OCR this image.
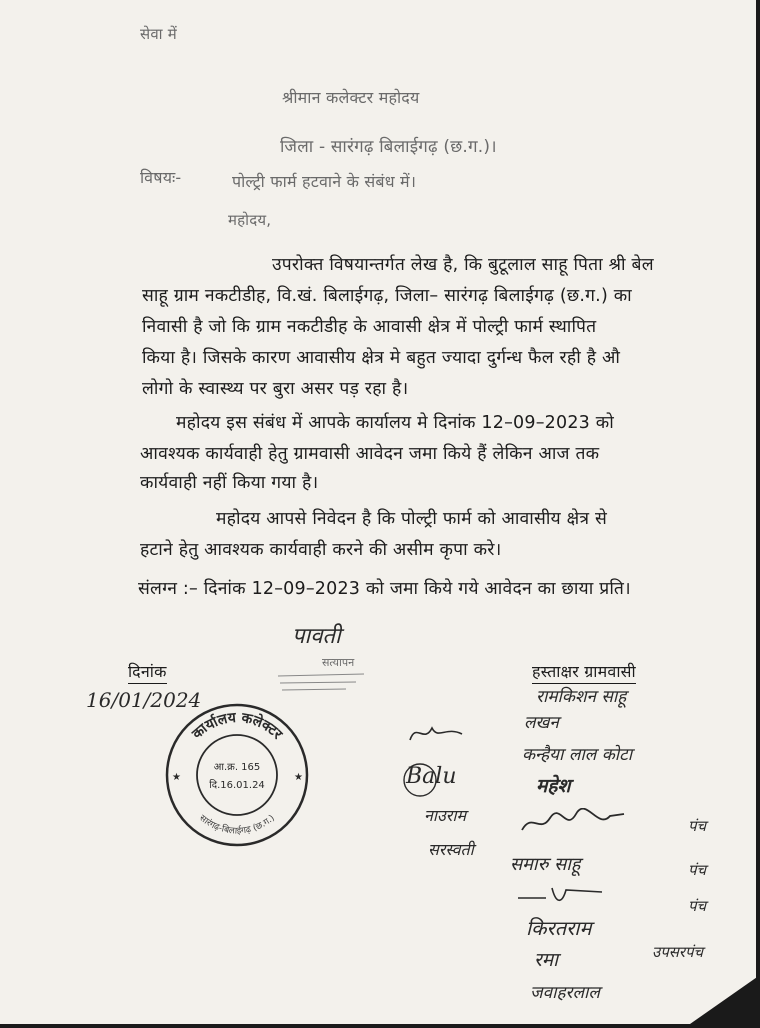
सेवा में
श्रीमान कलेक्टर महोदय
जिला - सारंगढ़ बिलाईगढ़ (छ.ग.)।
विषयः-	पोल्ट्री फार्म हटवाने के संबंध में।
महोदय,
उपरोक्त विषयान्तर्गत लेख है, कि बुटूलाल साहू पिता श्री बेल
साहू ग्राम नकटीडीह, वि.खं. बिलाईगढ़, जिला– सारंगढ़ बिलाईगढ़ (छ.ग.) का
निवासी है जो कि ग्राम नकटीडीह के आवासी क्षेत्र में पोल्ट्री फार्म स्थापित
किया है। जिसके कारण आवासीय क्षेत्र मे बहुत ज्यादा दुर्गन्ध फैल रही है औ
लोगो के स्वास्थ्य पर बुरा असर पड़ रहा है।
महोदय इस संबंध में आपके कार्यालय मे दिनांक 12–09–2023 को
आवश्यक कार्यवाही हेतु ग्रामवासी आवेदन जमा किये हैं लेकिन आज तक
कार्यवाही नहीं किया गया है।
महोदय आपसे निवेदन है कि पोल्ट्री फार्म को आवासीय क्षेत्र से
हटाने हेतु आवश्यक कार्यवाही करने की असीम कृपा करे।
संलग्न :– दिनांक 12–09–2023 को जमा किये गये आवेदन का छाया प्रति।
दिनांक
16/01/2024
पावती
सत्यापन
कार्यालय कलेक्टर
सारंगढ़-बिलाईगढ़ (छ.ग.)
आ.क्र. 165
दि.16.01.24
★	★
हस्ताक्षर ग्रामवासी
रामकिशन साहू
लखन
कन्हैया लाल कोटा
महेश
Balu
नाउराम
सरस्वती
समारु साहू
किरतराम
रमा
जवाहरलाल
पंच
पंच
पंच
उपसरपंच
